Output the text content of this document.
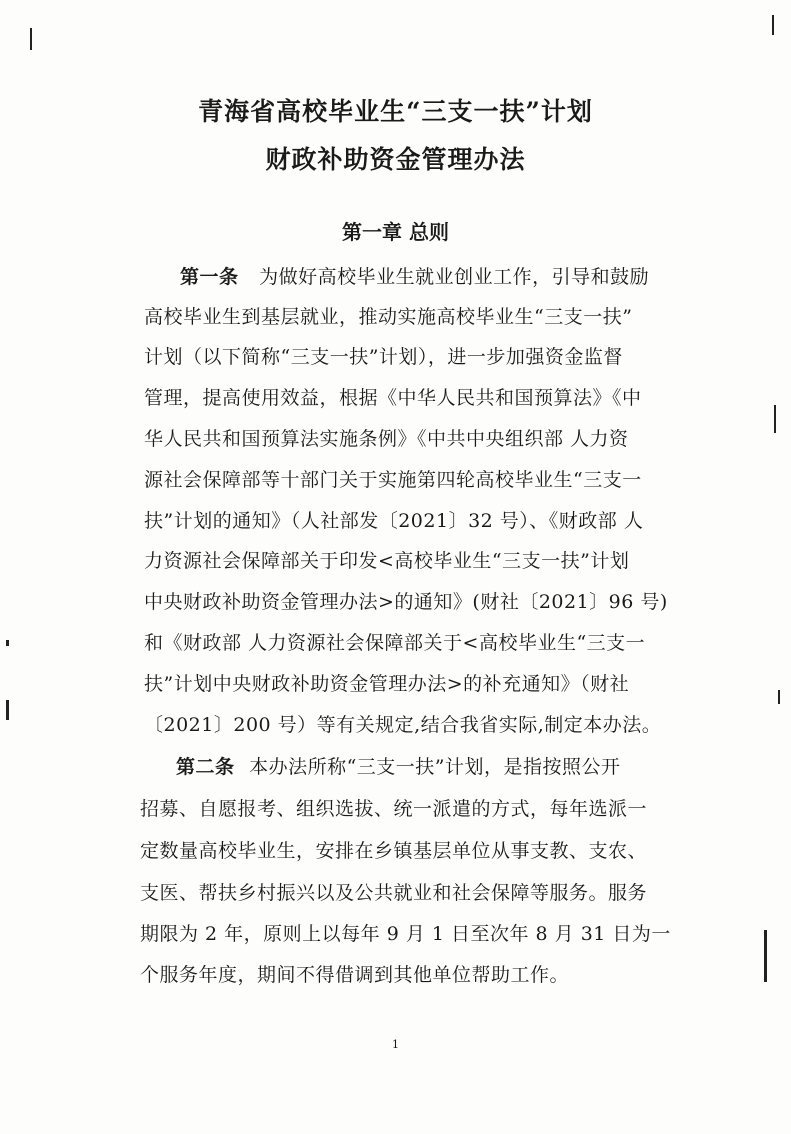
青海省高校毕业生“三支一扶”计划
财政补助资金管理办法
第一章 总则
第一条 为做好高校毕业生就业创业工作，引导和鼓励
高校毕业生到基层就业，推动实施高校毕业生“三支一扶”
计划（以下简称“三支一扶”计划），进一步加强资金监督
管理，提高使用效益，根据《中华人民共和国预算法》《中
华人民共和国预算法实施条例》《中共中央组织部 人力资
源社会保障部等十部门关于实施第四轮高校毕业生“三支一
扶”计划的通知》（人社部发〔2021〕32 号）、《财政部 人
力资源社会保障部关于印发<高校毕业生“三支一扶”计划
中央财政补助资金管理办法>的通知》(财社〔2021〕96 号)
和《财政部 人力资源社会保障部关于<高校毕业生“三支一
扶”计划中央财政补助资金管理办法>的补充通知》（财社
〔2021〕200 号）等有关规定,结合我省实际,制定本办法。
第二条 本办法所称“三支一扶”计划，是指按照公开
招募、自愿报考、组织选拔、统一派遣的方式，每年选派一
定数量高校毕业生，安排在乡镇基层单位从事支教、支农、
支医、帮扶乡村振兴以及公共就业和社会保障等服务。服务
期限为 2 年，原则上以每年 9 月 1 日至次年 8 月 31 日为一
个服务年度，期间不得借调到其他单位帮助工作。
1
